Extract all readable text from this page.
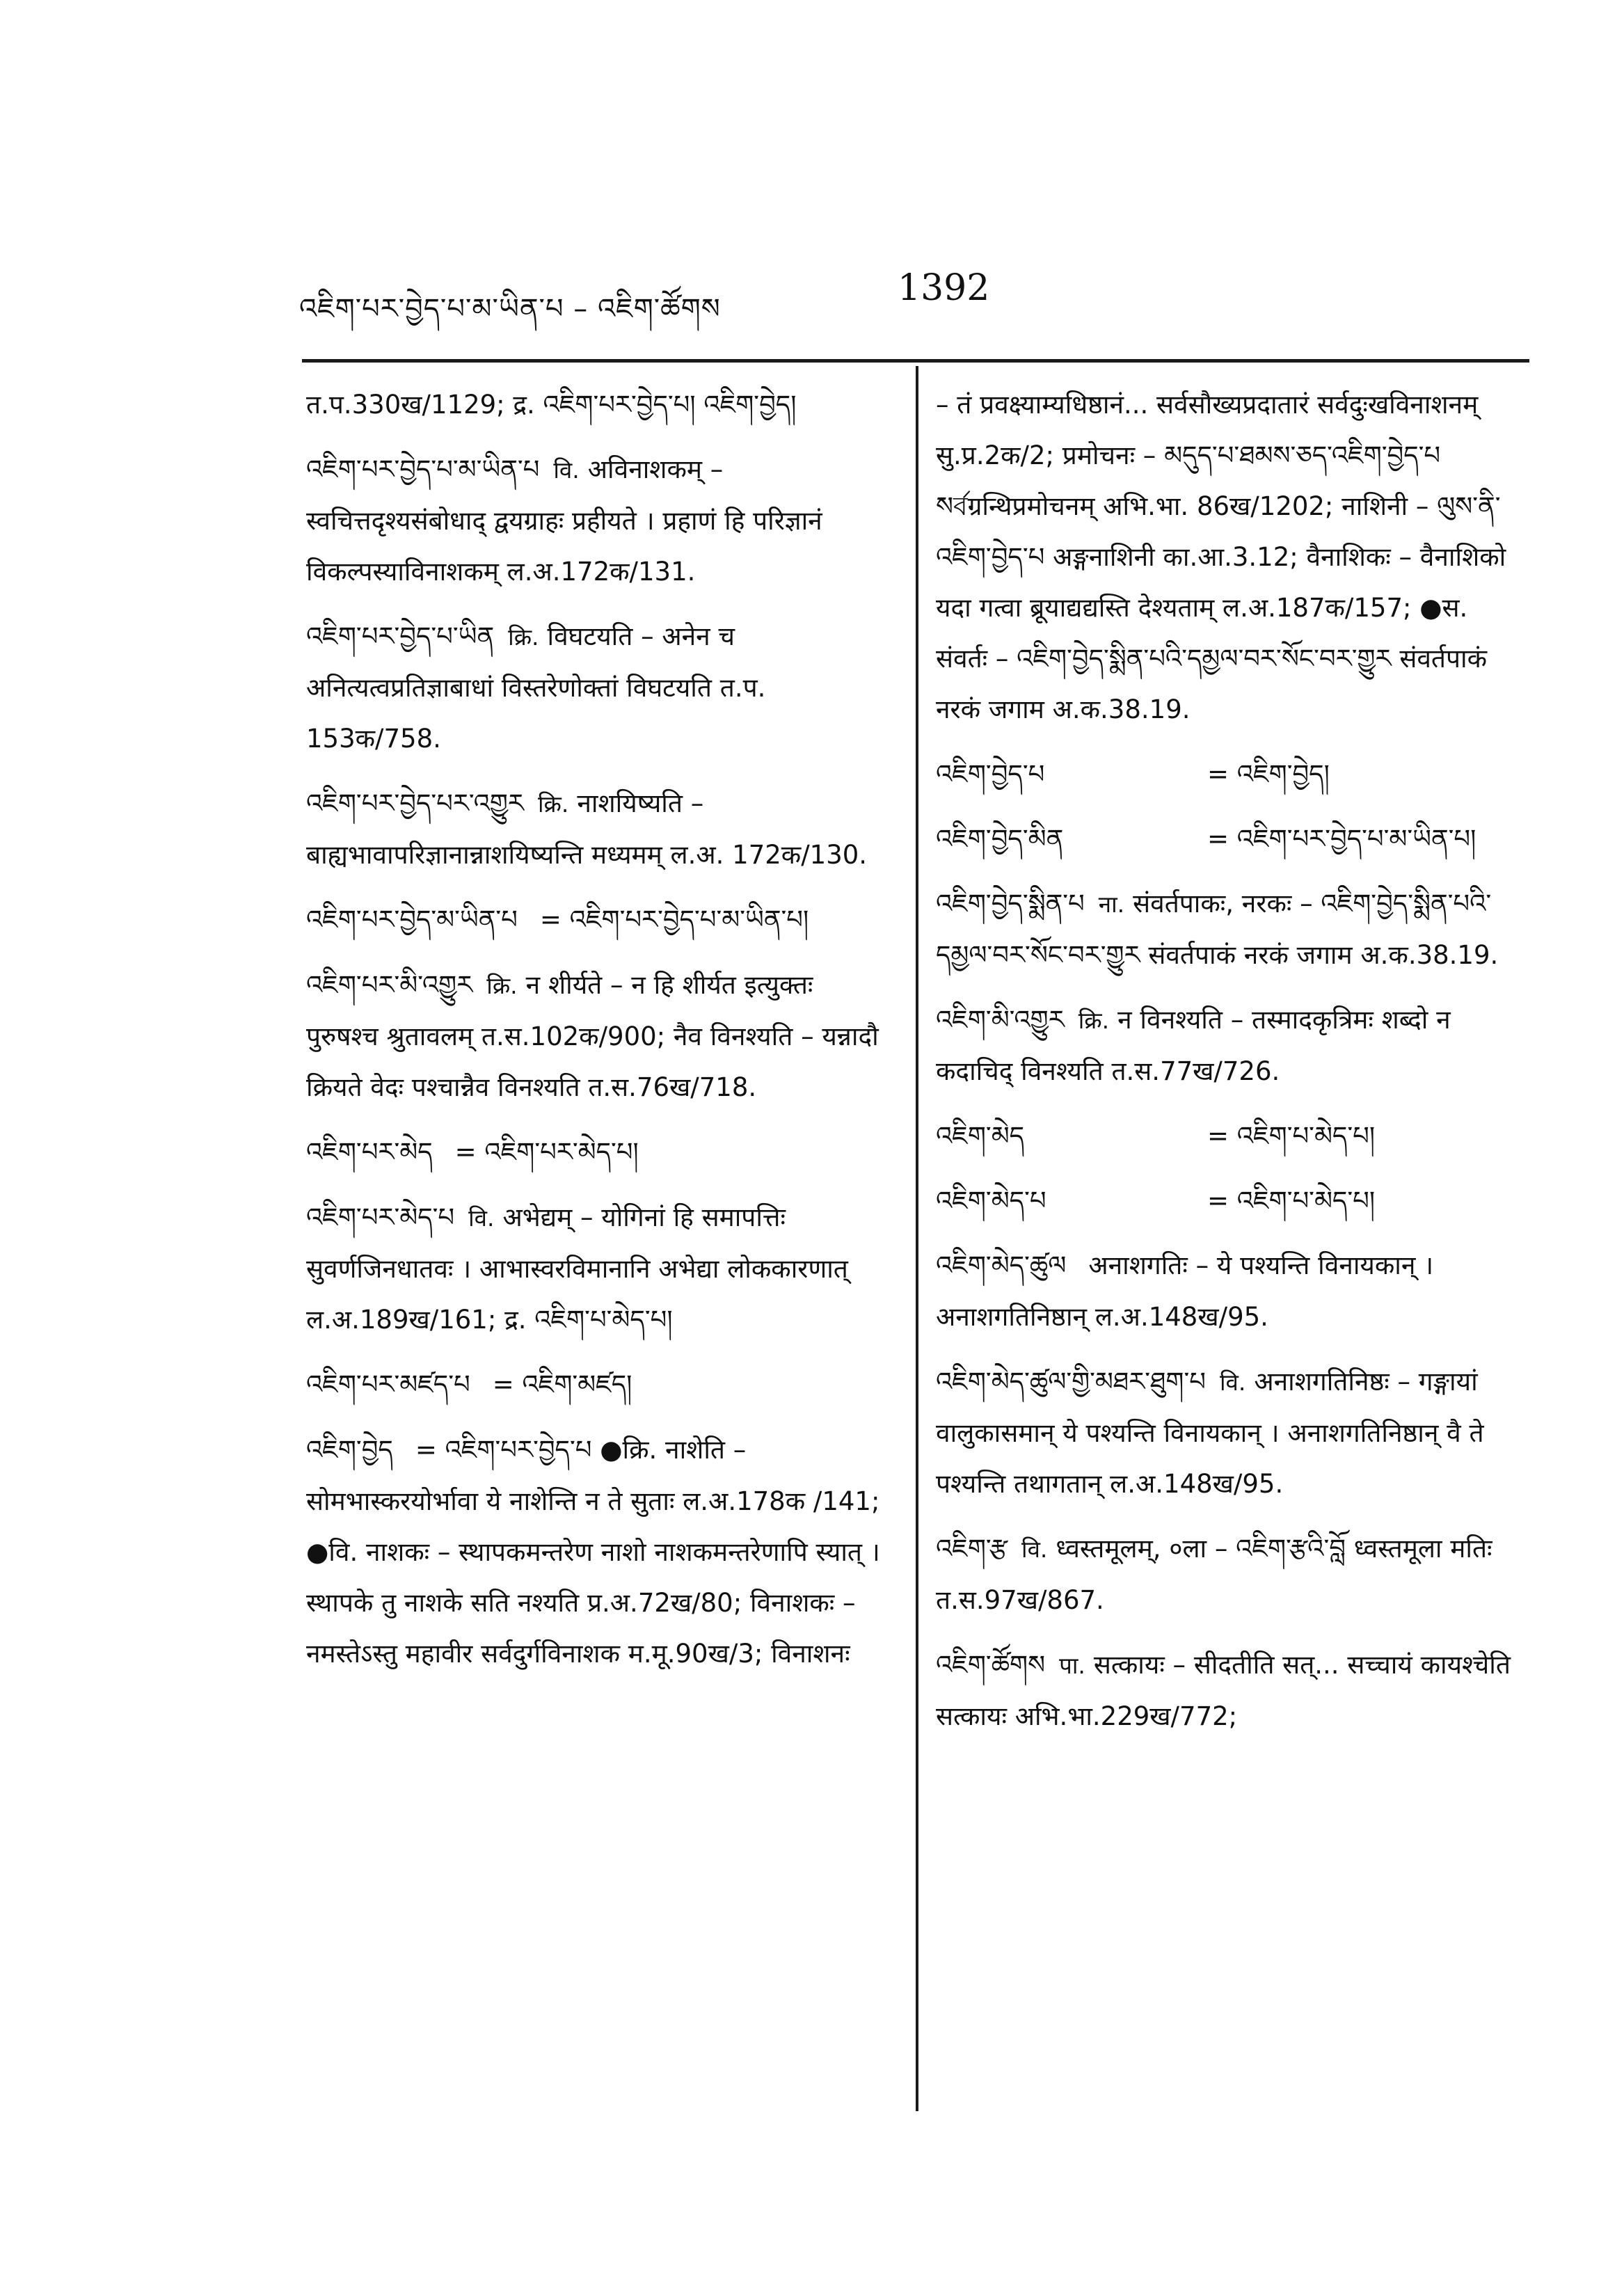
འཇིག་པར་བྱེད་པ་མ་ཡིན་པ – འཇིག་ཚོགས	1392

त.प.330ख/1129; द्र. འཇིག་པར་བྱེད་པ། འཇིག་བྱེད།

འཇིག་པར་བྱེད་པ་མ་ཡིན་པ वि. अविनाशकम् – स्वचित्तदृश्यसंबोधाद् द्वयग्राहः प्रहीयते । प्रहाणं हि परिज्ञानं विकल्पस्याविनाशकम् ल.अ.172क/131.

འཇིག་པར་བྱེད་པ་ཡིན क्रि. विघटयति – अनेन च अनित्यत्वप्रतिज्ञाबाधां विस्तरेणोक्तां विघटयति त.प. 153क/758.

འཇིག་པར་བྱེད་པར་འགྱུར क्रि. नाशयिष्यति – बाह्यभावापरिज्ञानान्नाशयिष्यन्ति मध्यमम् ल.अ. 172क/130.

འཇིག་པར་བྱེད་མ་ཡིན་པ = འཇིག་པར་བྱེད་པ་མ་ཡིན་པ།

འཇིག་པར་མི་འགྱུར क्रि. न शीर्यते – न हि शीर्यत इत्युक्तः पुरुषश्च श्रुतावलम् त.स.102क/900; नैव विनश्यति – यन्नादौ क्रियते वेदः पश्चान्नैव विनश्यति त.स.76ख/718.

འཇིག་པར་མེད = འཇིག་པར་མེད་པ།

འཇིག་པར་མེད་པ वि. अभेद्यम् – योगिनां हि समापत्तिः सुवर्णजिनधातवः । आभास्वरविमानानि अभेद्या लोककारणात् ल.अ.189ख/161; द्र. འཇིག་པ་མེད་པ།

འཇིག་པར་མཛད་པ = འཇིག་མཛད།

འཇིག་བྱེད = འཇིག་པར་བྱེད་པ ●क्रि. नाशेति – सोमभास्करयोर्भावा ये नाशेन्ति न ते सुताः ल.अ.178क /141; ●वि. नाशकः – स्थापकमन्तरेण नाशो नाशकमन्तरेणापि स्यात् । स्थापके तु नाशके सति नश्यति प्र.अ.72ख/80; विनाशकः – नमस्तेऽस्तु महावीर सर्वदुर्गविनाशक म.मू.90ख/3; विनाशनः

– तं प्रवक्ष्याम्यधिष्ठानं... सर्वसौख्यप्रदातारं सर्वदुःखविनाशनम् सु.प्र.2क/2; प्रमोचनः – མདུད་པ་ཐམས་ཅད་འཇིག་བྱེད་པ སর্বग्रन्थिप्रमोचनम् अभि.भा. 86ख/1202; नाशिनी – ལུས་ནི་འཇིག་བྱེད་པ अङ्गनाशिनी का.आ.3.12; वैनाशिकः – वैनाशिको यदा गत्वा ब्रूयाद्यद्यस्ति देश्यताम् ल.अ.187क/157; ●स. संवर्तः – འཇིག་བྱེད་སྨིན་པའི་དམྱལ་བར་སོང་བར་གྱུར संवर्तपाकं नरकं जगाम अ.क.38.19.

འཇིག་བྱེད་པ	= འཇིག་བྱེད།

འཇིག་བྱེད་མིན	= འཇིག་པར་བྱེད་པ་མ་ཡིན་པ།

འཇིག་བྱེད་སྨིན་པ ना. संवर्तपाकः, नरकः – འཇིག་བྱེད་སྨིན་པའི་དམྱལ་བར་སོང་བར་གྱུར संवर्तपाकं नरकं जगाम अ.क.38.19.

འཇིག་མི་འགྱུར क्रि. न विनश्यति – तस्मादकृत्रिमः शब्दो न कदाचिद् विनश्यति त.स.77ख/726.

འཇིག་མེད	= འཇིག་པ་མེད་པ།

འཇིག་མེད་པ	= འཇིག་པ་མེད་པ།

འཇིག་མེད་ཚུལ अनाशगतिः – ये पश्यन्ति विनायकान् । अनाशगतिनिष्ठान् ल.अ.148ख/95.

འཇིག་མེད་ཚུལ་གྱི་མཐར་ཐུག་པ वि. अनाशगतिनिष्ठः – गङ्गायां वालुकासमान् ये पश्यन्ति विनायकान् । अनाशगतिनिष्ठान् वै ते पश्यन्ति तथागतान् ल.अ.148ख/95.

འཇིག་རྩ वि. ध्वस्तमूलम्, ०ला – འཇིག་རྩའི་བློ ध्वस्तमूला मतिः त.स.97ख/867.

འཇིག་ཚོགས पा. सत्कायः – सीदतीति सत्... सच्चायं कायश्चेति सत्कायः अभि.भा.229ख/772;
